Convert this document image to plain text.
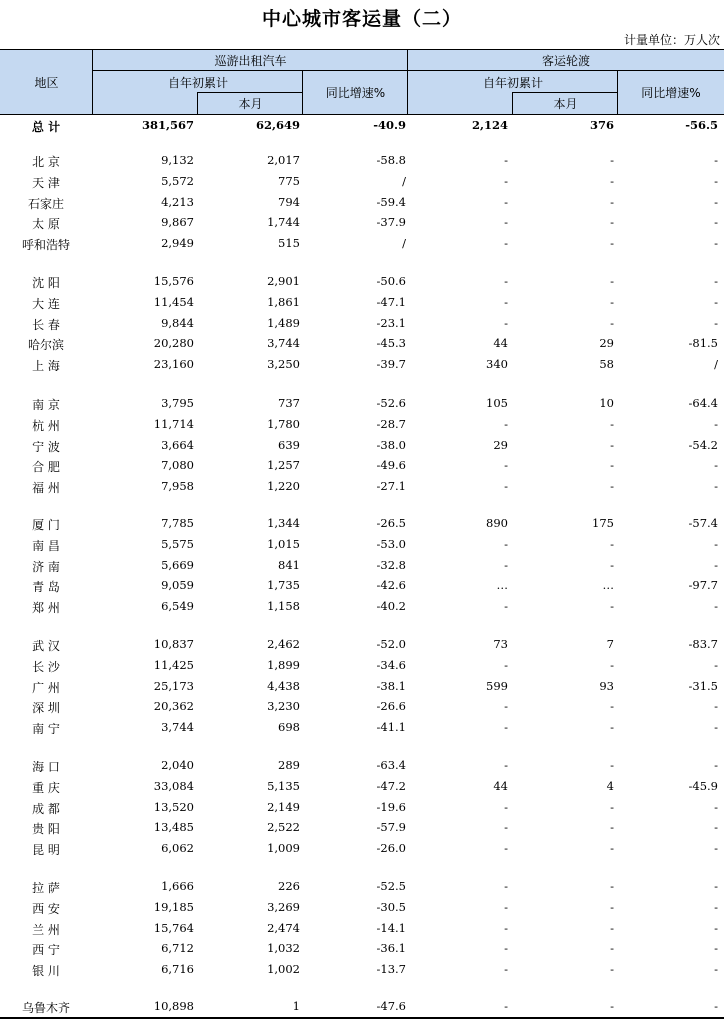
中心城市客运量（二）
计量单位：万人次
地区
巡游出租汽车	客运轮渡
自年初累计
本月
同比增速%
自年初累计
本月
同比增速%
总 计	381,567	62,649	-40.9	2,124	376	-56.5
北 京	9,132	2,017	-58.8	-	-	-
天 津	5,572	775	/	-	-	-
石家庄	4,213	794	-59.4	-	-	-
太 原	9,867	1,744	-37.9	-	-	-
呼和浩特	2,949	515	/	-	-	-
沈 阳	15,576	2,901	-50.6	-	-	-
大 连	11,454	1,861	-47.1	-	-	-
长 春	9,844	1,489	-23.1	-	-	-
哈尔滨	20,280	3,744	-45.3	44	29	-81.5
上 海	23,160	3,250	-39.7	340	58	/
南 京	3,795	737	-52.6	105	10	-64.4
杭 州	11,714	1,780	-28.7	-	-	-
宁 波	3,664	639	-38.0	29	-	-54.2
合 肥	7,080	1,257	-49.6	-	-	-
福 州	7,958	1,220	-27.1	-	-	-
厦 门	7,785	1,344	-26.5	890	175	-57.4
南 昌	5,575	1,015	-53.0	-	-	-
济 南	5,669	841	-32.8	-	-	-
青 岛	9,059	1,735	-42.6	…	…	-97.7
郑 州	6,549	1,158	-40.2	-	-	-
武 汉	10,837	2,462	-52.0	73	7	-83.7
长 沙	11,425	1,899	-34.6	-	-	-
广 州	25,173	4,438	-38.1	599	93	-31.5
深 圳	20,362	3,230	-26.6	-	-	-
南 宁	3,744	698	-41.1	-	-	-
海 口	2,040	289	-63.4	-	-	-
重 庆	33,084	5,135	-47.2	44	4	-45.9
成 都	13,520	2,149	-19.6	-	-	-
贵 阳	13,485	2,522	-57.9	-	-	-
昆 明	6,062	1,009	-26.0	-	-	-
拉 萨	1,666	226	-52.5	-	-	-
西 安	19,185	3,269	-30.5	-	-	-
兰 州	15,764	2,474	-14.1	-	-	-
西 宁	6,712	1,032	-36.1	-	-	-
银 川	6,716	1,002	-13.7	-	-	-
乌鲁木齐	10,898	1	-47.6	-	-	-
